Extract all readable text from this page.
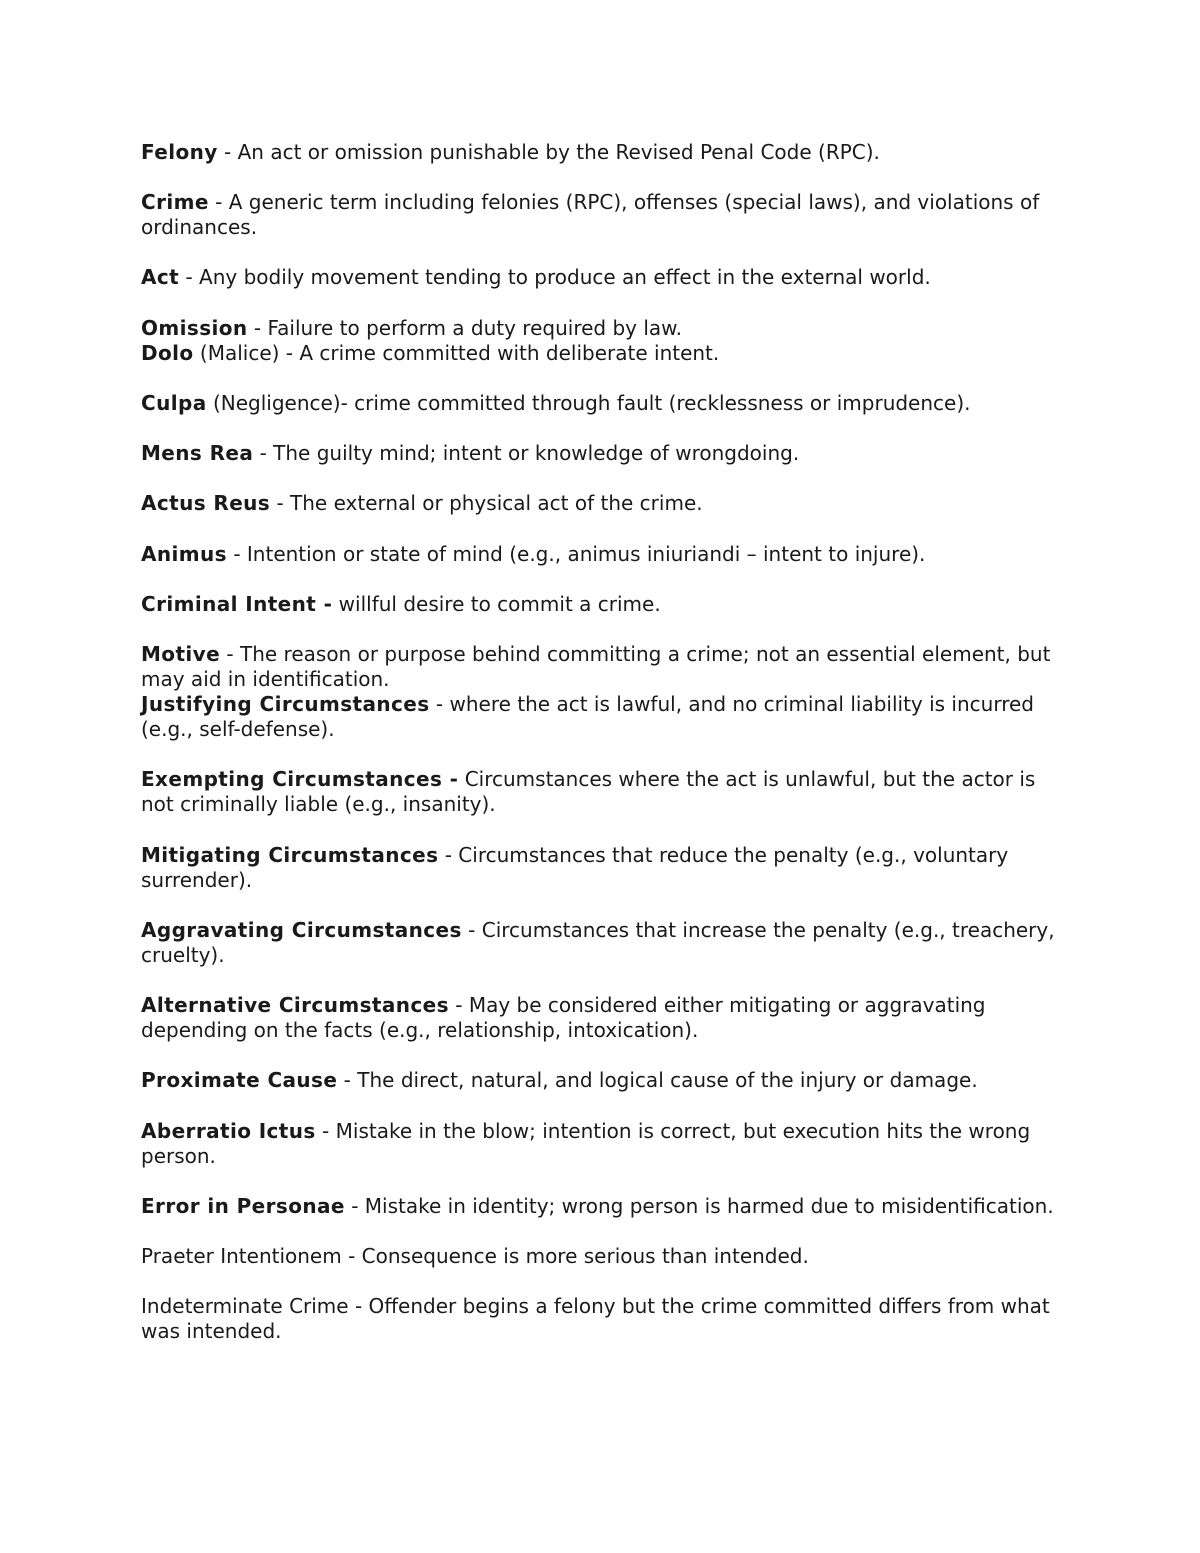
Felony - An act or omission punishable by the Revised Penal Code (RPC).

Crime - A generic term including felonies (RPC), offenses (special laws), and violations of ordinances.

Act - Any bodily movement tending to produce an effect in the external world.

Omission - Failure to perform a duty required by law.

Dolo (Malice) - A crime committed with deliberate intent.

Culpa (Negligence)- crime committed through fault (recklessness or imprudence).

Mens Rea - The guilty mind; intent or knowledge of wrongdoing.

Actus Reus - The external or physical act of the crime.

Animus - Intention or state of mind (e.g., animus iniuriandi – intent to injure).

Criminal Intent - willful desire to commit a crime.

Motive - The reason or purpose behind committing a crime; not an essential element, but may aid in identification.

Justifying Circumstances - where the act is lawful, and no criminal liability is incurred (e.g., self-defense).

Exempting Circumstances - Circumstances where the act is unlawful, but the actor is not criminally liable (e.g., insanity).

Mitigating Circumstances - Circumstances that reduce the penalty (e.g., voluntary surrender).

Aggravating Circumstances - Circumstances that increase the penalty (e.g., treachery, cruelty).

Alternative Circumstances - May be considered either mitigating or aggravating depending on the facts (e.g., relationship, intoxication).

Proximate Cause - The direct, natural, and logical cause of the injury or damage.

Aberratio Ictus - Mistake in the blow; intention is correct, but execution hits the wrong person.

Error in Personae - Mistake in identity; wrong person is harmed due to misidentification.

Praeter Intentionem - Consequence is more serious than intended.

Indeterminate Crime - Offender begins a felony but the crime committed differs from what was intended.
